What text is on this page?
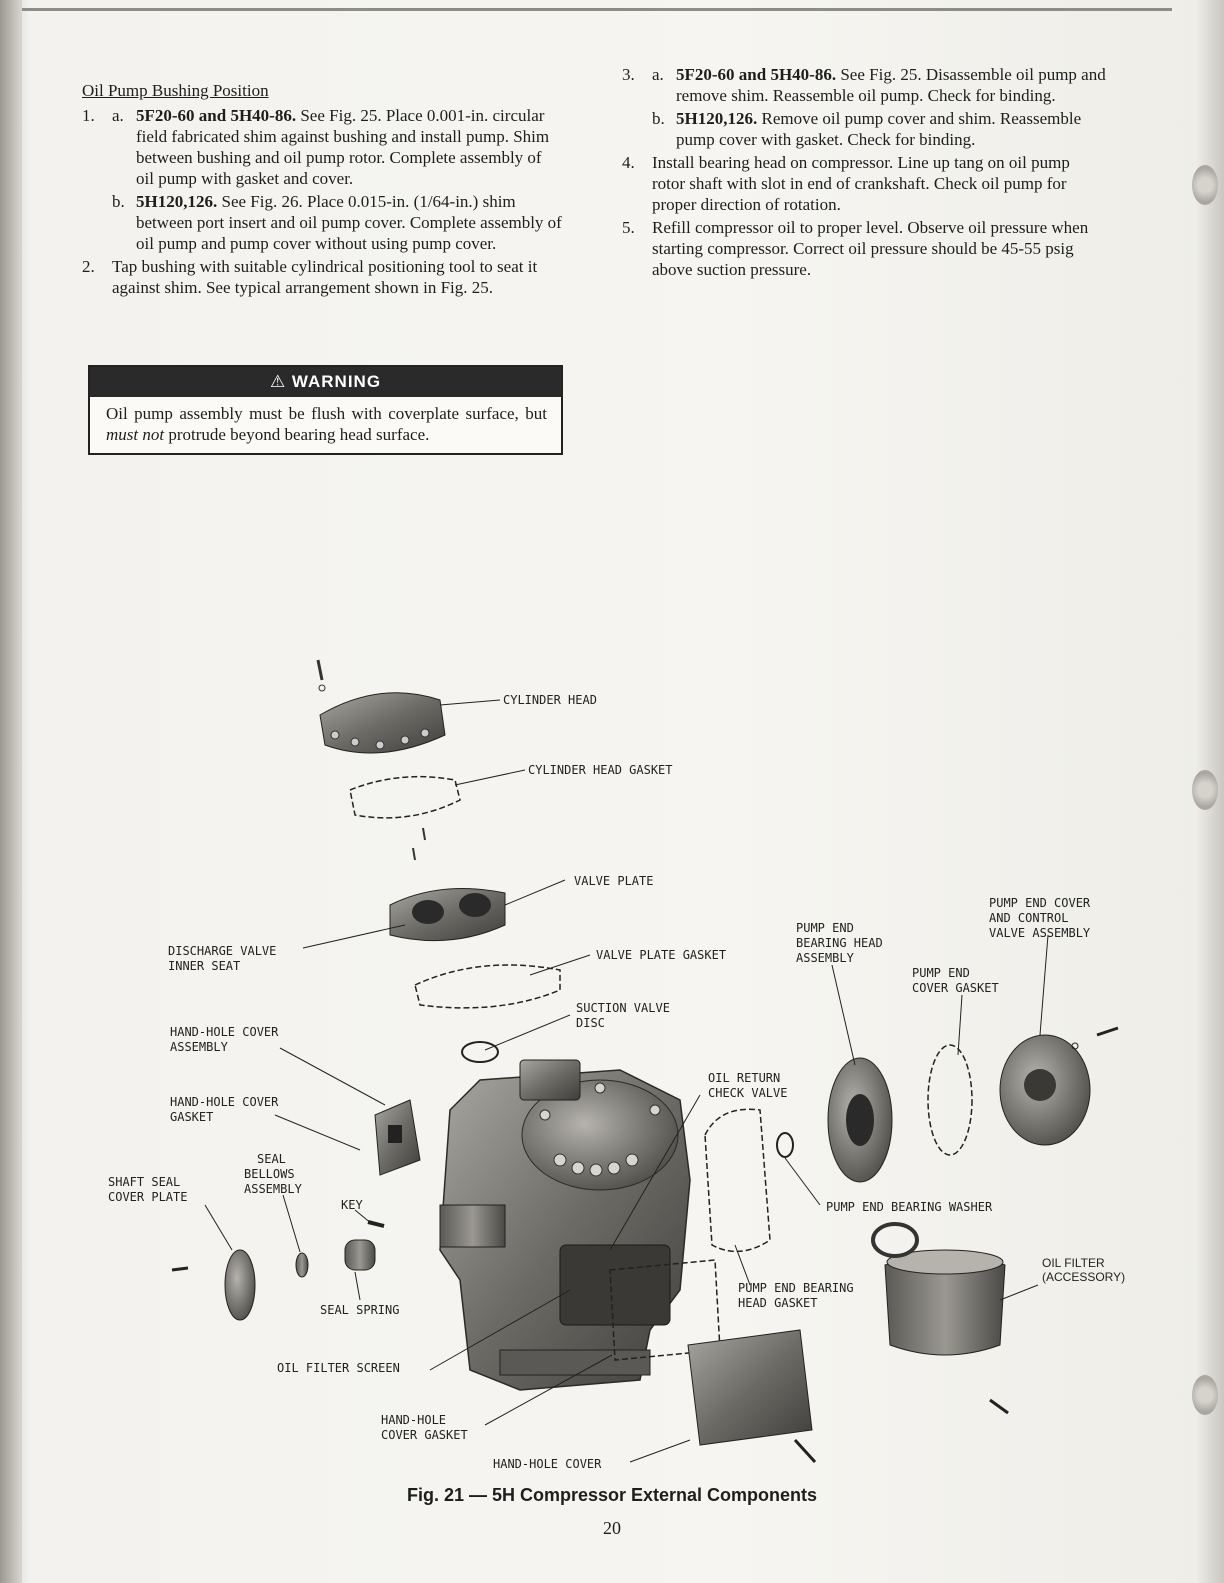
Oil Pump Bushing Position
1. a. 5F20-60 and 5H40-86. See Fig. 25. Place 0.001-in. circular field fabricated shim against bushing and install pump. Shim between bushing and oil pump rotor. Complete assembly of oil pump with gasket and cover.
b. 5H120,126. See Fig. 26. Place 0.015-in. (1/64-in.) shim between port insert and oil pump cover. Complete assembly of oil pump and pump cover without using pump cover.
2. Tap bushing with suitable cylindrical positioning tool to seat it against shim. See typical arrangement shown in Fig. 25.
⚠ WARNING
Oil pump assembly must be flush with coverplate surface, but must not protrude beyond bearing head surface.
3. a. 5F20-60 and 5H40-86. See Fig. 25. Disassemble oil pump and remove shim. Reassemble oil pump. Check for binding.
b. 5H120,126. Remove oil pump cover and shim. Reassemble pump cover with gasket. Check for binding.
4. Install bearing head on compressor. Line up tang on oil pump rotor shaft with slot in end of crankshaft. Check oil pump for proper direction of rotation.
5. Refill compressor oil to proper level. Observe oil pressure when starting compressor. Correct oil pressure should be 45-55 psig above suction pressure.
CYLINDER HEAD
CYLINDER HEAD GASKET
VALVE PLATE
DISCHARGE VALVE
INNER SEAT
VALVE PLATE GASKET
SUCTION VALVE
DISC
HAND-HOLE COVER
ASSEMBLY
HAND-HOLE COVER
GASKET
SEAL
BELLOWS
ASSEMBLY
SHAFT SEAL
COVER PLATE
KEY
SEAL SPRING
OIL FILTER SCREEN
HAND-HOLE
COVER GASKET
HAND-HOLE COVER
OIL RETURN
CHECK VALVE
PUMP END
BEARING HEAD
ASSEMBLY
PUMP END COVER
AND CONTROL
VALVE ASSEMBLY
PUMP END
COVER GASKET
PUMP END BEARING WASHER
PUMP END BEARING
HEAD GASKET
OIL FILTER
(ACCESSORY)
Fig. 21 — 5H Compressor External Components
20
